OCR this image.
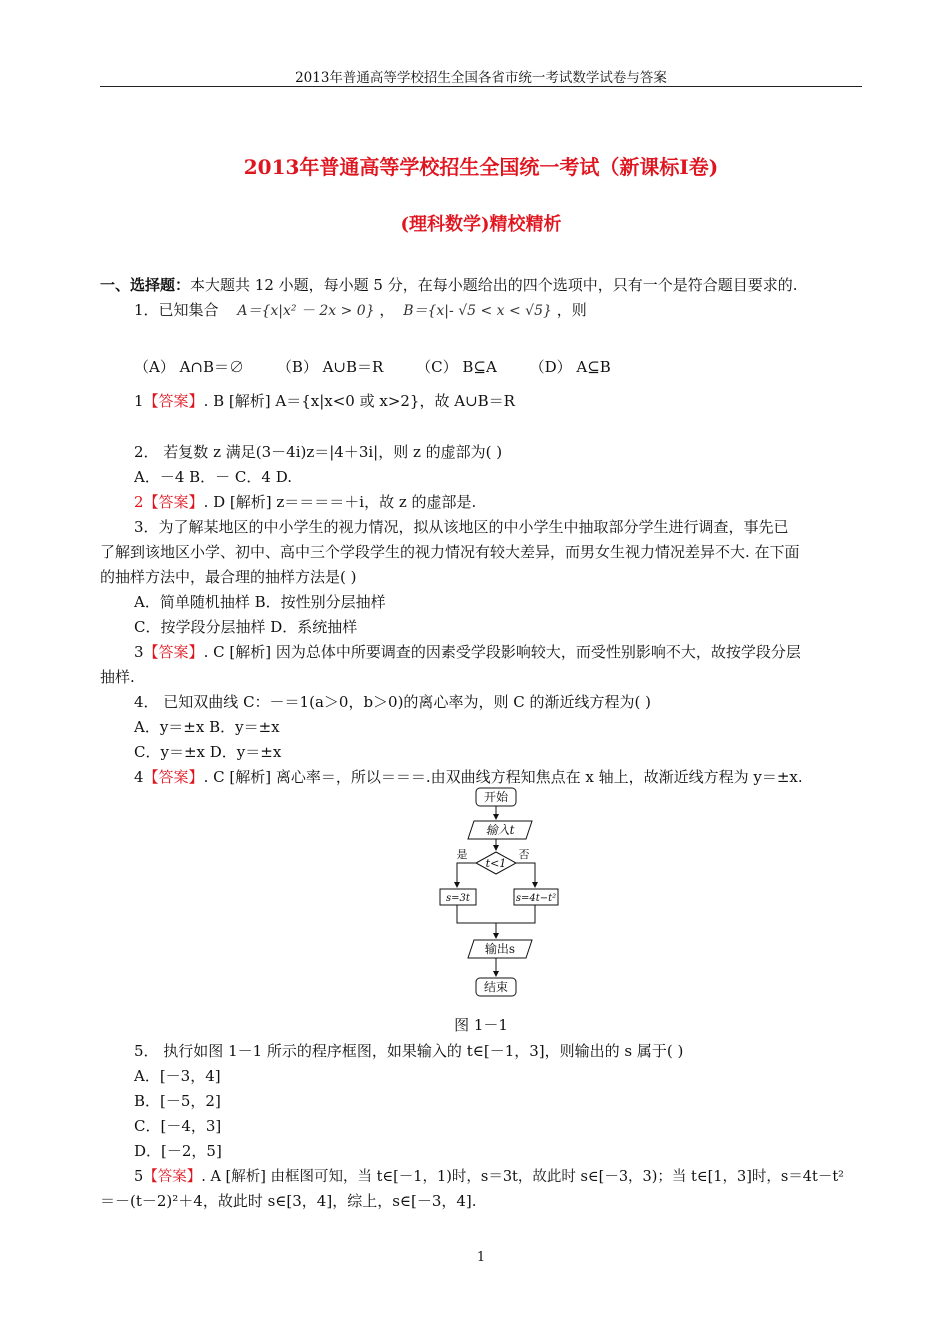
2013年普通高等学校招生全国各省市统一考试数学试卷与答案
2013年普通高等学校招生全国统一考试（新课标Ⅰ卷)
(理科数学)精校精析
一、选择题：本大题共 12 小题，每小题 5 分，在每小题给出的四个选项中，只有一个是符合题目要求的.
1．已知集合 A＝{x|x² － 2x > 0} ， B＝{x|- √5 < x < √5} ，则
（A） A∩B＝∅ （B） A∪B＝R （C） B⊆A （D） A⊆B
1【答案】. B [解析] A＝{x|x<0 或 x>2}，故 A∪B＝R
2． 若复数 z 满足(3－4i)z＝|4＋3i|，则 z 的虚部为( )
A．－4 B．－ C．4 D.
2【答案】. D [解析] z＝＝＝＝＋i，故 z 的虚部是.
3．为了解某地区的中小学生的视力情况，拟从该地区的中小学生中抽取部分学生进行调查，事先已
了解到该地区小学、初中、高中三个学段学生的视力情况有较大差异，而男女生视力情况差异不大. 在下面
的抽样方法中，最合理的抽样方法是( )
A．简单随机抽样 B．按性别分层抽样
C．按学段分层抽样 D．系统抽样
3【答案】. C [解析] 因为总体中所要调查的因素受学段影响较大，而受性别影响不大，故按学段分层
抽样.
4． 已知双曲线 C：－＝1(a＞0，b＞0)的离心率为，则 C 的渐近线方程为( )
A．y＝±x B．y＝±x
C．y＝±x D．y＝±x
4【答案】. C [解析] 离心率＝，所以＝＝＝.由双曲线方程知焦点在 x 轴上，故渐近线方程为 y＝±x.
开始
输入t
t<1
是	否
s=3t	s=4t−t²
输出s
结束
图 1－1
5． 执行如图 1－1 所示的程序框图，如果输入的 t∈[－1，3]，则输出的 s 属于( )
A．[－3，4]
B．[－5，2]
C．[－4，3]
D．[－2，5]
5【答案】. A [解析] 由框图可知，当 t∈[－1，1)时，s＝3t，故此时 s∈[－3，3)；当 t∈[1，3]时，s＝4t－t²
＝－(t－2)²＋4，故此时 s∈[3，4]，综上，s∈[－3，4].
1
